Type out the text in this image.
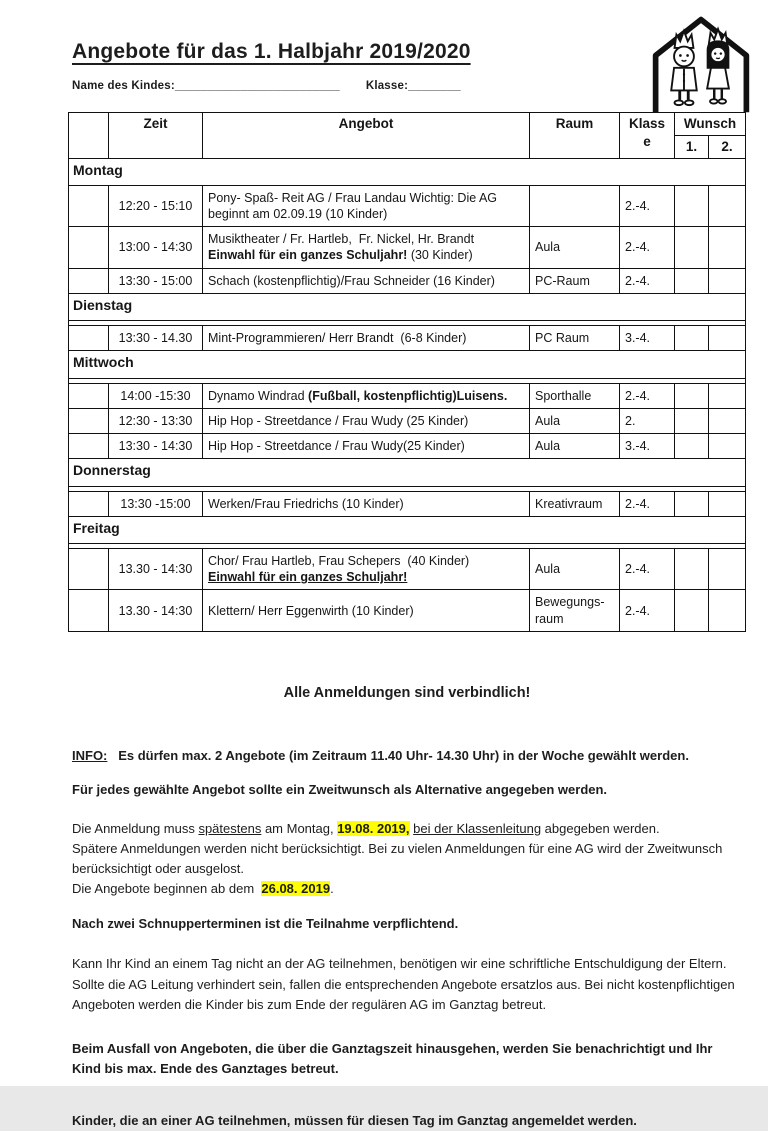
Angebote für das 1. Halbjahr 2019/2020
Name des Kindes:_________________________ Klasse:________
	Zeit	Angebot	Raum	Klass
e	Wunsch	
					1.	2.
Montag						
	12:20 - 15:10	Pony- Spaß- Reit AG / Frau Landau Wichtig: Die AG beginnt am 02.09.19 (10 Kinder)		2.-4.		
	13:00 - 14:30	Musiktheater / Fr. Hartleb,  Fr. Nickel, Hr. Brandt
Einwahl für ein ganzes Schuljahr! (30 Kinder)	Aula	2.-4.		
	13:30 - 15:00	Schach (kostenpflichtig)/Frau Schneider (16 Kinder)	PC-Raum	2.-4.		
Dienstag						

	13:30 - 14.30	Mint-Programmieren/ Herr Brandt  (6-8 Kinder)	PC Raum	3.-4.		
Mittwoch						

	14:00 -15:30	Dynamo Windrad (Fußball, kostenpflichtig)Luisens.	Sporthalle	2.-4.		
	12:30 - 13:30	Hip Hop - Streetdance / Frau Wudy (25 Kinder)	Aula	2.		
	13:30 - 14:30	Hip Hop - Streetdance / Frau Wudy(25 Kinder)	Aula	3.-4.		
Donnerstag						

	13:30 -15:00	Werken/Frau Friedrichs (10 Kinder)	Kreativraum	2.-4.		
Freitag						

	13.30 - 14:30	Chor/ Frau Hartleb, Frau Schepers  (40 Kinder)
Einwahl für ein ganzes Schuljahr!	Aula	2.-4.		
	13.30 - 14:30	Klettern/ Herr Eggenwirth (10 Kinder)	Bewegungs-raum	2.-4.		
Alle Anmeldungen sind verbindlich!

INFO:   Es dürfen max. 2 Angebote (im Zeitraum 11.40 Uhr- 14.30 Uhr) in der Woche gewählt werden.

Für jedes gewählte Angebot sollte ein Zweitwunsch als Alternative angegeben werden.

Die Anmeldung muss spätestens am Montag, 19.08. 2019, bei der Klassenleitung abgegeben werden.
Spätere Anmeldungen werden nicht berücksichtigt. Bei zu vielen Anmeldungen für eine AG wird der Zweitwunsch berücksichtigt oder ausgelost.
Die Angebote beginnen ab dem  26.08. 2019.

Nach zwei Schnupperterminen ist die Teilnahme verpflichtend.

Kann Ihr Kind an einem Tag nicht an der AG teilnehmen, benötigen wir eine schriftliche Entschuldigung der Eltern. Sollte die AG Leitung verhindert sein, fallen die entsprechenden Angebote ersatzlos aus. Bei nicht kostenpflichtigen Angeboten werden die Kinder bis zum Ende der regulären AG im Ganztag betreut.

Beim Ausfall von Angeboten, die über die Ganztagszeit hinausgehen, werden Sie benachrichtigt und Ihr Kind bis max. Ende des Ganztages betreut.

Kinder, die an einer AG teilnehmen, müssen für diesen Tag im Ganztag angemeldet werden.
